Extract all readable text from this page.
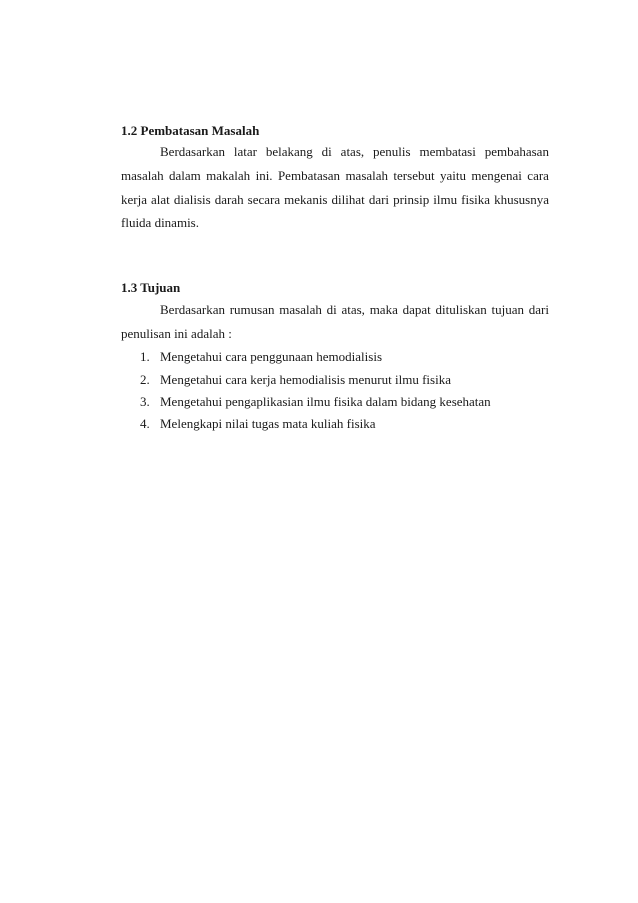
1.2 Pembatasan Masalah
Berdasarkan latar belakang di atas, penulis membatasi pembahasan
masalah dalam makalah ini. Pembatasan masalah tersebut yaitu mengenai cara
kerja alat dialisis darah secara mekanis dilihat dari prinsip ilmu fisika khususnya
fluida dinamis.
1.3 Tujuan
Berdasarkan rumusan masalah di atas, maka dapat dituliskan tujuan dari
penulisan ini adalah :
1. Mengetahui cara penggunaan hemodialisis
2. Mengetahui cara kerja hemodialisis menurut ilmu fisika
3. Mengetahui pengaplikasian ilmu fisika dalam bidang kesehatan
4. Melengkapi nilai tugas mata kuliah fisika
